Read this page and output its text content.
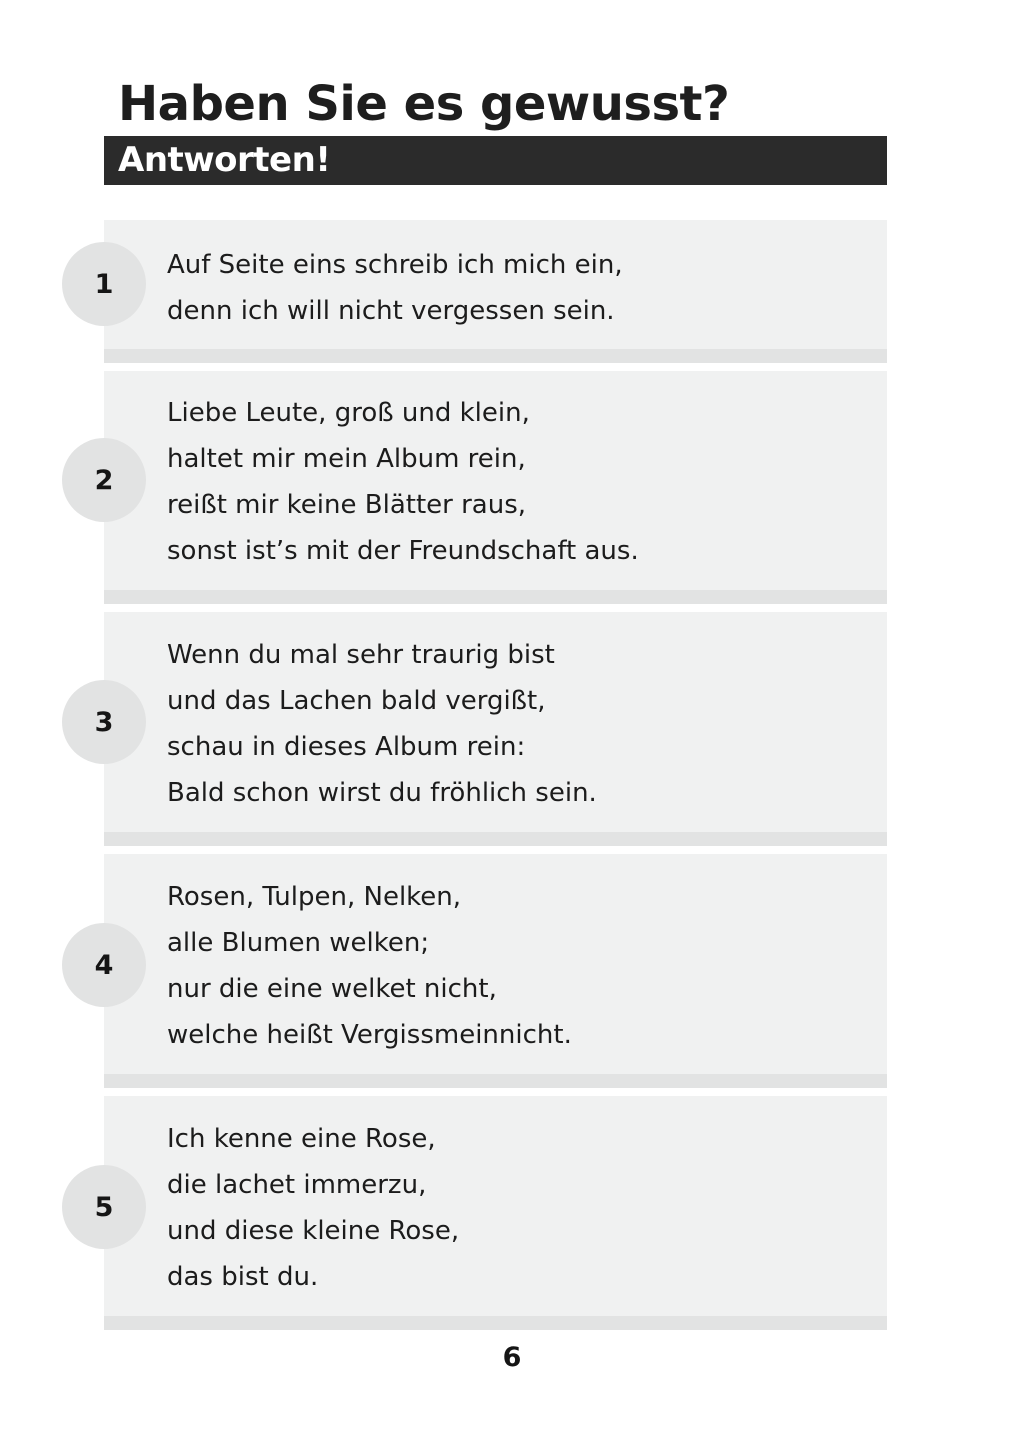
Haben Sie es gewusst?
Antworten!
1
Auf Seite eins schreib ich mich ein,
denn ich will nicht vergessen sein.
2
Liebe Leute, groß und klein,
haltet mir mein Album rein,
reißt mir keine Blätter raus,
sonst ist’s mit der Freundschaft aus.
3
Wenn du mal sehr traurig bist
und das Lachen bald vergißt,
schau in dieses Album rein:
Bald schon wirst du fröhlich sein.
4
Rosen, Tulpen, Nelken,
alle Blumen welken;
nur die eine welket nicht,
welche heißt Vergissmeinnicht.
5
Ich kenne eine Rose,
die lachet immerzu,
und diese kleine Rose,
das bist du.
6
